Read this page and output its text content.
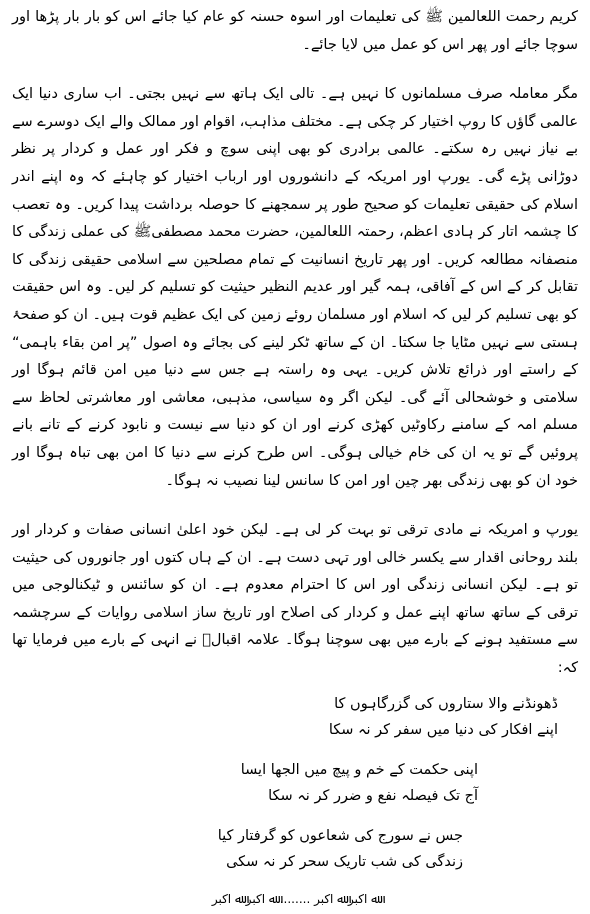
کریم رحمت اللعالمین ﷺ کی تعلیمات اور اسوہ حسنہ کو عام کیا جائے اس کو بار بار پڑھا اور سوچا جائے اور پھر اس کو عمل میں لایا جائے۔

مگر معاملہ صرف مسلمانوں کا نہیں ہے۔ تالی ایک ہاتھ سے نہیں بجتی۔ اب ساری دنیا ایک عالمی گاؤں کا روپ اختیار کر چکی ہے۔ مختلف مذاہب، اقوام اور ممالک والے ایک دوسرے سے بے نیاز نہیں رہ سکتے۔ عالمی برادری کو بھی اپنی سوچ و فکر اور عمل و کردار پر نظر دوڑانی پڑے گی۔ یورپ اور امریکہ کے دانشوروں اور ارباب اختیار کو چاہئے کہ وہ اپنے اندر اسلام کی حقیقی تعلیمات کو صحیح طور پر سمجھنے کا حوصلہ برداشت پیدا کریں۔ وہ تعصب کا چشمہ اتار کر ہادی اعظم، رحمتہ اللعالمین، حضرت محمد مصطفیﷺ کی عملی زندگی کا منصفانہ مطالعہ کریں۔ اور پھر تاریخ انسانیت کے تمام مصلحین سے اسلامی حقیقی زندگی کا تقابل کر کے اس کے آفاقی، ہمہ گیر اور عدیم النظیر حیثیت کو تسلیم کر لیں۔ وہ اس حقیقت کو بھی تسلیم کر لیں کہ اسلام اور مسلمان روئے زمین کی ایک عظیم قوت ہیں۔ ان کو صفحۂ ہستی سے نہیں مٹایا جا سکتا۔ ان کے ساتھ ٹکر لینے کی بجائے وہ اصول ”پر امن بقاء باہمی“ کے راستے اور ذرائع تلاش کریں۔ یہی وہ راستہ ہے جس سے دنیا میں امن قائم ہوگا اور سلامتی و خوشحالی آئے گی۔ لیکن اگر وہ سیاسی، مذہبی، معاشی اور معاشرتی لحاظ سے مسلم امہ کے سامنے رکاوٹیں کھڑی کرنے اور ان کو دنیا سے نیست و نابود کرنے کے تانے بانے پروئیں گے تو یہ ان کی خام خیالی ہوگی۔ اس طرح کرنے سے دنیا کا امن بھی تباہ ہوگا اور خود ان کو بھی زندگی بھر چین اور امن کا سانس لینا نصیب نہ ہوگا۔

یورپ و امریکہ نے مادی ترقی تو بہت کر لی ہے۔ لیکن خود اعلیٰ انسانی صفات و کردار اور بلند روحانی اقدار سے یکسر خالی اور تہی دست ہے۔ ان کے ہاں کتوں اور جانوروں کی حیثیت تو ہے۔ لیکن انسانی زندگی اور اس کا احترام معدوم ہے۔ ان کو سائنس و ٹیکنالوجی میں ترقی کے ساتھ ساتھ اپنے عمل و کردار کی اصلاح اور تاریخ ساز اسلامی روایات کے سرچشمہ سے مستفید ہونے کے بارے میں بھی سوچنا ہوگا۔ علامہ اقبالؒ نے انہی کے بارے میں فرمایا تھا کہ:

ڈھونڈنے والا ستاروں کی گزرگاہوں کا
اپنے افکار کی دنیا میں سفر کر نہ سکا
اپنی حکمت کے خم و پیچ میں الجھا ایسا
آج تک فیصلہ نفع و ضرر کر نہ سکا
جس نے سورج کی شعاعوں کو گرفتار کیا
زندگی کی شب تاریک سحر کر نہ سکی
ﷲ اکبر ﷲ اکبر ........ ﷲ اکبر ﷲ اکبر
